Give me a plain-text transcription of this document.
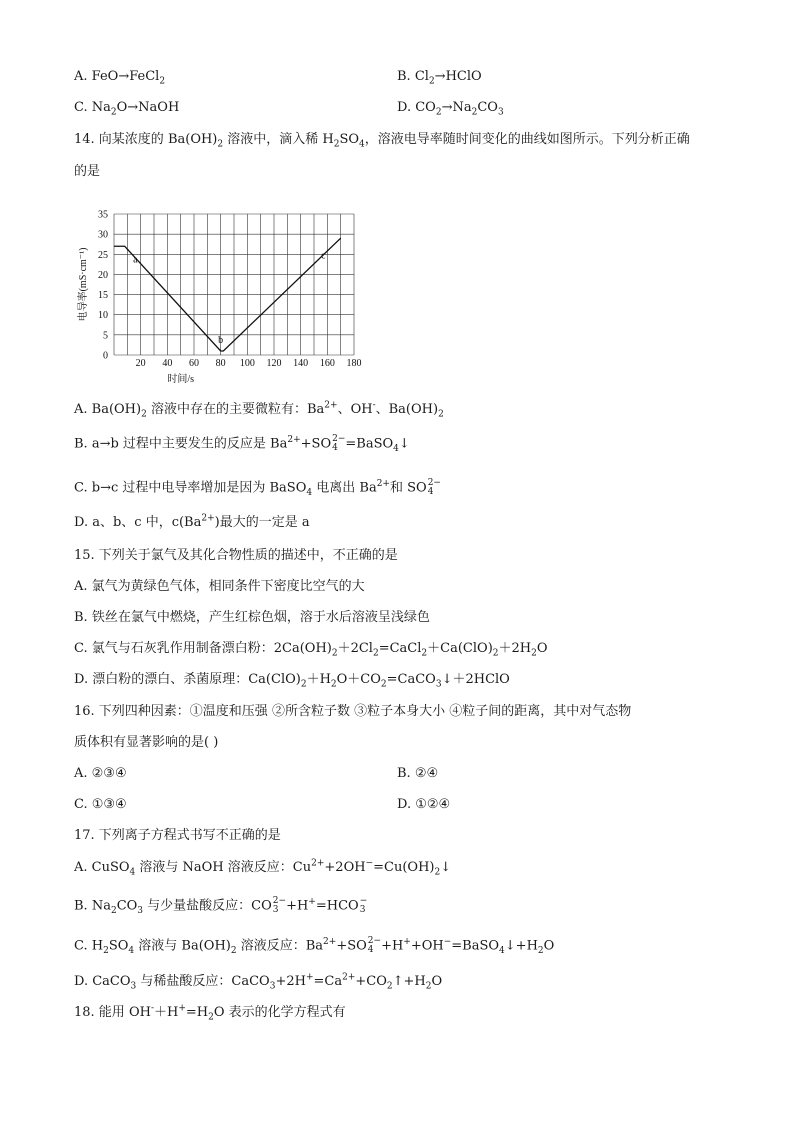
A. FeO→FeCl$_2$	B. $Cl_2\to HClO$
C. $Na_2O\to NaOH$	D. $CO_2\to Na_2CO_3$
14. 向某浓度的 $Ba(OH)_2$ 溶液中，滴入稀 $H_2SO_4$，溶液电导率随时间变化的曲线如图所示。下列分析正确
的是
20 40 60 80 100 120 140 160 180
0
5
10
15
20
25
30
35
时间/s
电导率(mS·cm⁻¹)	a
b
c
A. $Ba(OH)_2$ 溶液中存在的主要微粒有：$Ba^{2+}$、OH-、$Ba(OH)_2$
B. a→b 过程中主要发生的反应是 $Ba^{2+}+SO$ 2−
4 =BaSO$_4$↓
C. b→c 过程中电导率增加是因为 BaSO$_4$ 电离出 $Ba^{2+}$和 SO 2−
4
D. a、b、c 中，$c(Ba^{2+})$最大的一定是 a
15. 下列关于氯气及其化合物性质的描述中，不正确的是
A. 氯气为黄绿色气体，相同条件下密度比空气的大
B. 铁丝在氯气中燃烧，产生红棕色烟，溶于水后溶液呈浅绿色
C. 氯气与石灰乳作用制备漂白粉：$2Ca(OH)_2+2Cl_2=CaCl_2+Ca(ClO)_2+2H_2O$
D. 漂白粉的漂白、杀菌原理：$Ca(ClO)_2+H_2O+CO_2=CaCO_3↓+2HClO$
16. 下列四种因素：①温度和压强 ②所含粒子数 ③粒子本身大小 ④粒子间的距离，其中对气态物
质体积有显著影响的是( )
A. ②③④	B. ②④
C. ①③④	D. ①②④
17. 下列离子方程式书写不正确的是
A. CuSO$_4$ 溶液与 NaOH 溶液反应：$Cu^{2+}+2OH^-=Cu(OH)_2↓$
B. $Na_2CO_3$ 与少量盐酸反应：CO 2−
3 +H+=HCO −
3
C. $H_2SO_4$ 溶液与 $Ba(OH)_2$ 溶液反应：$Ba^{2+}+SO$ 2−
$4 +H^++OH^-=BaSO_4↓+H_2O$
D. CaCO$_3$ 与稀盐酸反应：$CaCO_3+2H^+=Ca^{2+}+CO_2↑+H_2O$
18. 能用 $OH^-+H^+=H_2O$ 表示的化学方程式有
